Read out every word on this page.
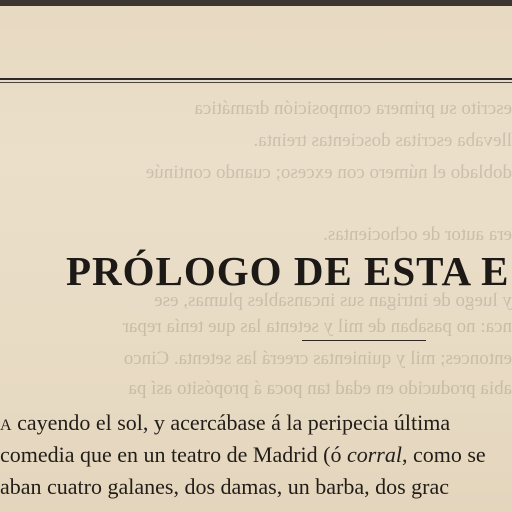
escrito su primera composición dramática
llevaba escritas doscientas treinta.
doblado el número con exceso; cuando continúe
era autor de ochocientas.
y luego de intrigan sus incansables plumas, ese
nca: no pasaban de mil y setenta las que tenía repar
entonces; mil y quinientas creerá las setenta. Cinco
abia producido en edad tan poca á propósito así pa
PRÓLOGO DE ESTA E

A cayendo el sol, y acercábase á la peripecia última

comedia que en un teatro de Madrid (ó corral, como se

aban cuatro galanes, dos damas, un barba, dos grac
